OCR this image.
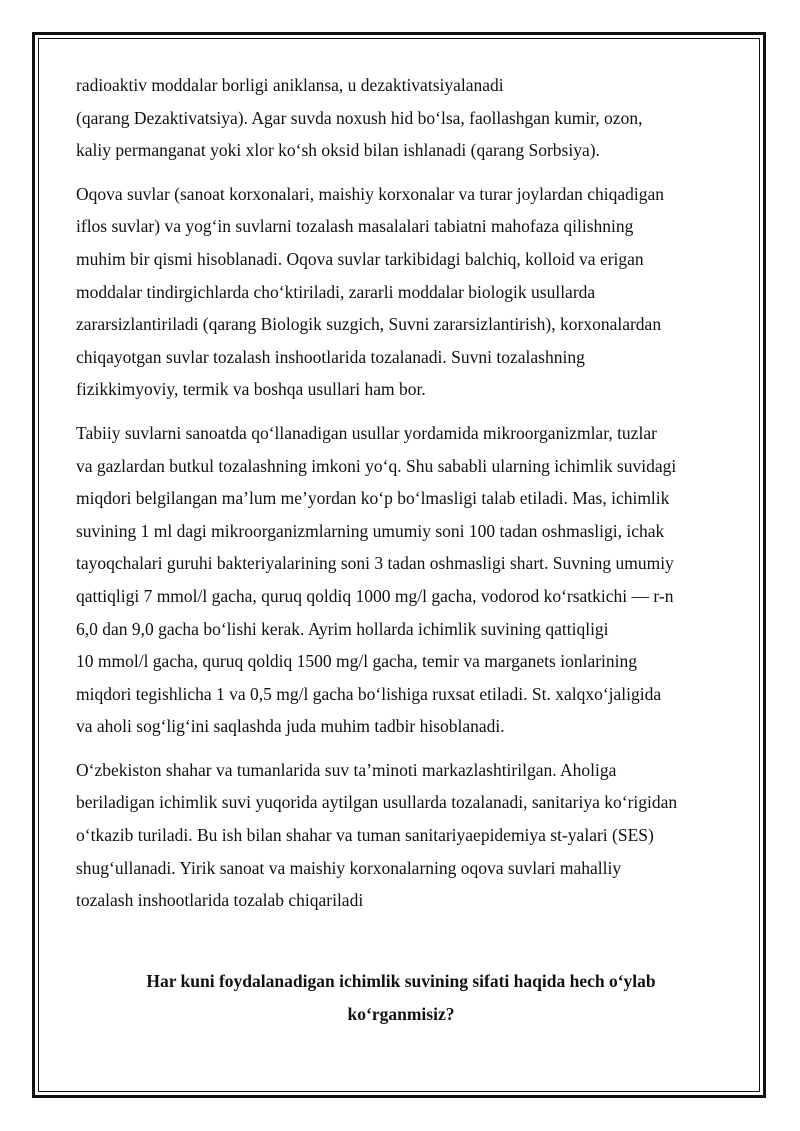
radioaktiv moddalar borligi aniklansa, u dezaktivatsiyalanadi
(qarang Dezaktivatsiya). Agar suvda noxush hid bo‘lsa, faollashgan kumir, ozon,
kaliy permanganat yoki xlor ko‘sh oksid bilan ishlanadi (qarang Sorbsiya).

Oqova suvlar (sanoat korxonalari, maishiy korxonalar va turar joylardan chiqadigan
iflos suvlar) va yog‘in suvlarni tozalash masalalari tabiatni mahofaza qilishning
muhim bir qismi hisoblanadi. Oqova suvlar tarkibidagi balchiq, kolloid va erigan
moddalar tindirgichlarda cho‘ktiriladi, zararli moddalar biologik usullarda
zararsizlantiriladi (qarang Biologik suzgich, Suvni zararsizlantirish), korxonalardan
chiqayotgan suvlar tozalash inshootlarida tozalanadi. Suvni tozalashning
fizikkimyoviy, termik va boshqa usullari ham bor.

Tabiiy suvlarni sanoatda qo‘llanadigan usullar yordamida mikroorganizmlar, tuzlar
va gazlardan butkul tozalashning imkoni yo‘q. Shu sababli ularning ichimlik suvidagi
miqdori belgilangan ma’lum me’yordan ko‘p bo‘lmasligi talab etiladi. Mas, ichimlik
suvining 1 ml dagi mikroorganizmlarning umumiy soni 100 tadan oshmasligi, ichak
tayoqchalari guruhi bakteriyalarining soni 3 tadan oshmasligi shart. Suvning umumiy
qattiqligi 7 mmol/l gacha, quruq qoldiq 1000 mg/l gacha, vodorod ko‘rsatkichi — r-n
6,0 dan 9,0 gacha bo‘lishi kerak. Ayrim hollarda ichimlik suvining qattiqligi
10 mmol/l gacha, quruq qoldiq 1500 mg/l gacha, temir va marganets ionlarining
miqdori tegishlicha 1 va 0,5 mg/l gacha bo‘lishiga ruxsat etiladi. St. xalqxo‘jaligida
va aholi sog‘lig‘ini saqlashda juda muhim tadbir hisoblanadi.

O‘zbekiston shahar va tumanlarida suv ta’minoti markazlashtirilgan. Aholiga
beriladigan ichimlik suvi yuqorida aytilgan usullarda tozalanadi, sanitariya ko‘rigidan
o‘tkazib turiladi. Bu ish bilan shahar va tuman sanitariyaepidemiya st-yalari (SES)
shug‘ullanadi. Yirik sanoat va maishiy korxonalarning oqova suvlari mahalliy
tozalash inshootlarida tozalab chiqariladi

Har kuni foydalanadigan ichimlik suvining sifati haqida hech o‘ylab
ko‘rganmisiz?
